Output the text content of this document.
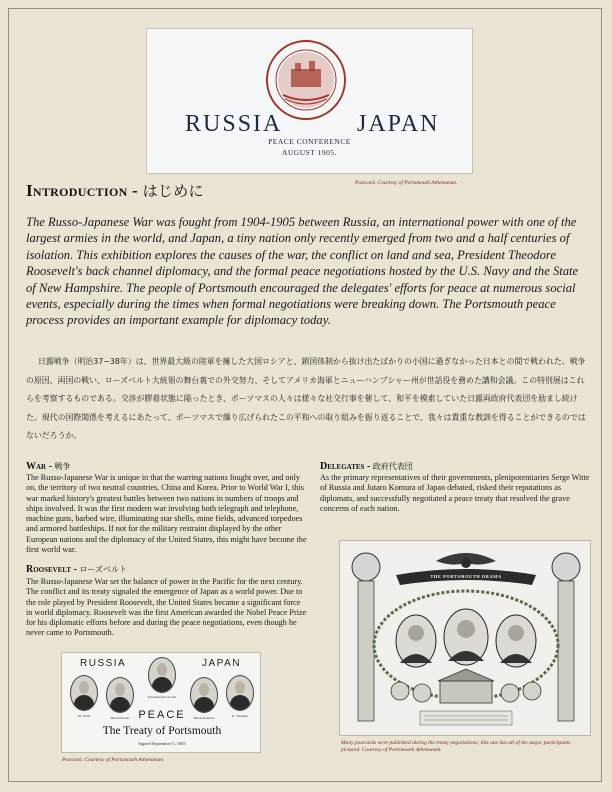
RUSSIA	JAPAN
PEACE CONFERENCE
AUGUST 1905.
Postcard. Courtesy of Portsmouth Athenaeum.
Introduction - はじめに
The Russo-Japanese War was fought from 1904-1905 between Russia, an international power with one of the largest armies in the world, and Japan, a tiny nation only recently emerged from two and a half centuries of isolation. This exhibition explores the causes of the war, the conflict on land and sea, President Theodore Roosevelt's back channel diplomacy, and the formal peace negotiations hosted by the U.S. Navy and the State of New Hampshire. The people of Portsmouth encouraged the delegates' efforts for peace at numerous social events, especially during the times when formal negotiations were breaking down. The Portsmouth peace process provides an important example for diplomacy today.
日露戦争（明治37−38年）は、世界最大級の陸軍を擁した大国ロシアと、鎖国体制から抜け出たばかりの小国に過ぎなかった日本との間で戦われた。戦争の原因、両国の戦い、ローズベルト大統領の舞台裏での外交努力、そしてアメリカ海軍とニューハンプシャー州が世話役を務めた講和会議。この特別展はこれらを考察するものである。交渉が膠着状態に陥ったとき、ポーツマスの人々は様々な社交行事を催して、和平を模索していた日露両政府代表団を励まし続けた。現代の国際関係を考えるにあたって、ポーツマスで繰り広げられたこの平和への取り組みを振り返ることで、我々は貴重な教訓を得ることができるのではないだろうか。
War - 戦争
The Russo-Japanese War is unique in that the warring nations fought over, and only on, the territory of two neutral countries, China and Korea. Prior to World War I, this war marked history's greatest battles between two nations in numbers of troops and ships involved. It was the first modern war involving both telegraph and telephone, machine guns, barbed wire, illuminating star shells, mine fields, advanced torpedoes and armored battleships. If not for the military restraint displayed by the other European nations and the diplomacy of the United States, this might have become the first world war.
Roosevelt - ローズベルト
The Russo-Japanese War set the balance of power in the Pacific for the next century. The conflict and its treaty signaled the emergence of Japan as a world power. Due to the role played by President Roosevelt, the United States became a significant force in world diplomacy. Roosevelt was the first American awarded the Nobel Peace Prize for his diplomatic efforts before and during the peace negotiations, even though he never came to Portsmouth.
Delegates - 政府代表団
As the primary representatives of their governments, plenipotentiaries Serge Witte of Russia and Jutaro Komura of Japan debated, risked their reputations as diplomats, and successfully negotiated a peace treaty that resolved the grave concerns of each nation.
THE PORTSMOUTH DRAMA
Many postcards were published during the treaty negotiations; this one has all of the major participants pictured. Courtesy of Portsmouth Athenaeum.
RUSSIA	JAPAN
President Roosevelt
M. Witte	Baron Rosen	Baron Komura	K. Takahira
PEACE
The Treaty of Portsmouth
Signed September 5, 1905
Postcard. Courtesy of Portsmouth Athenaeum.
